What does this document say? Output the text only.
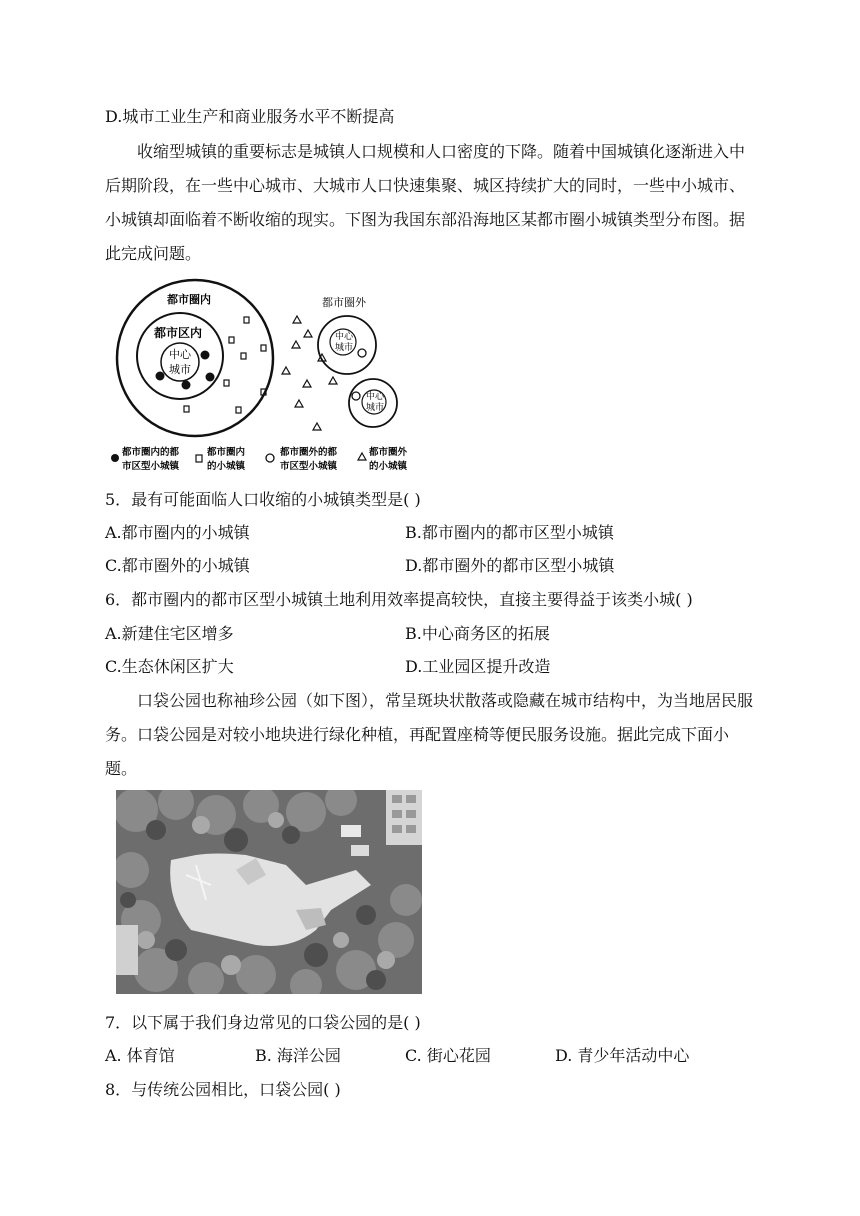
D.城市工业生产和商业服务水平不断提高
收缩型城镇的重要标志是城镇人口规模和人口密度的下降。随着中国城镇化逐渐进入中后期阶段，在一些中心城市、大城市人口快速集聚、城区持续扩大的同时，一些中小城市、小城镇却面临着不断收缩的现实。下图为我国东部沿海地区某都市圈小城镇类型分布图。据此完成问题。
都市圈内
都市区内
中心
城市
都市圈外
中心
城市
中心
城市
都市圈内的都
市区型小城镇
都市圈内
的小城镇
都市圈外的都
市区型小城镇
都市圈外
的小城镇
5．最有可能面临人口收缩的小城镇类型是( )
A.都市圈内的小城镇	B.都市圈内的都市区型小城镇
C.都市圈外的小城镇	D.都市圈外的都市区型小城镇
6．都市圈内的都市区型小城镇土地利用效率提高较快，直接主要得益于该类小城( )
A.新建住宅区增多	B.中心商务区的拓展
C.生态休闲区扩大	D.工业园区提升改造
口袋公园也称袖珍公园（如下图），常呈斑块状散落或隐藏在城市结构中，为当地居民服务。口袋公园是对较小地块进行绿化种植，再配置座椅等便民服务设施。据此完成下面小题。
7．以下属于我们身边常见的口袋公园的是( )
A. 体育馆	B. 海洋公园	C. 街心花园	D. 青少年活动中心
8．与传统公园相比，口袋公园( )
